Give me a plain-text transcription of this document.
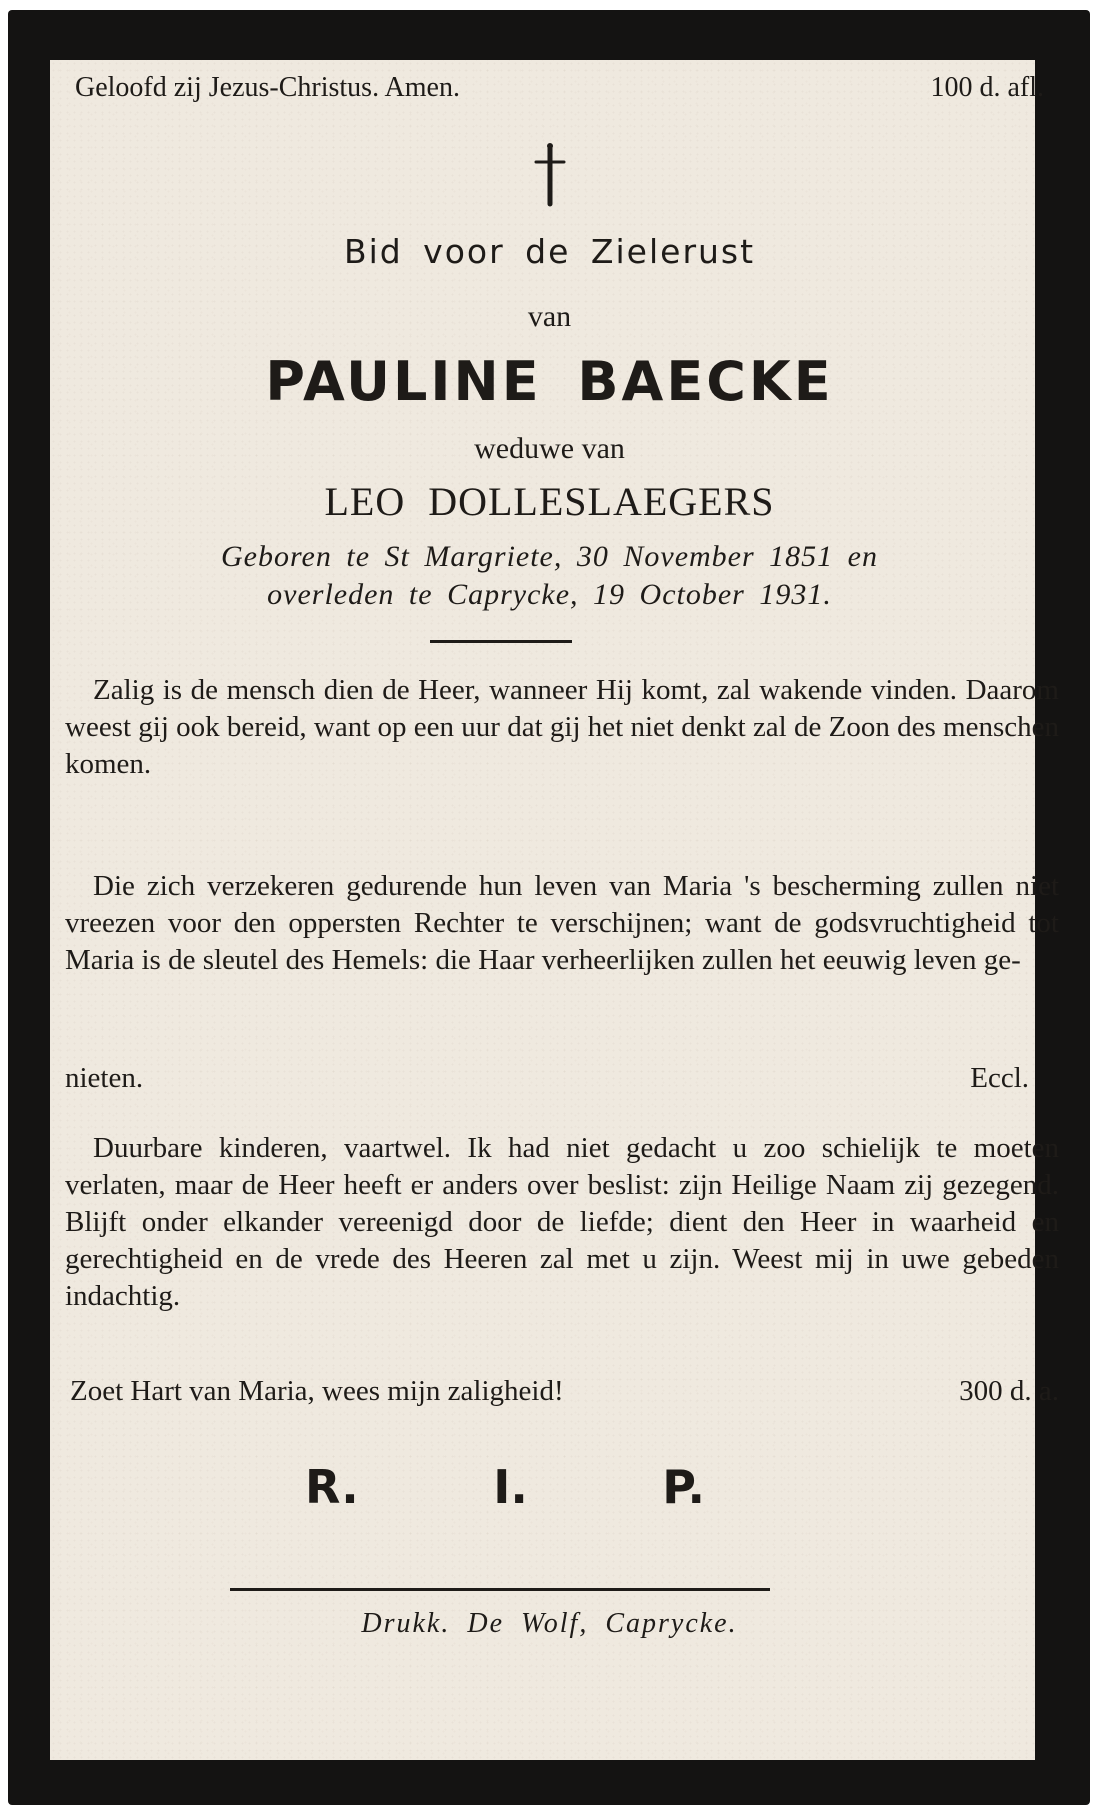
Geloofd zij Jezus-Christus. Amen.	100 d. afl.
Bid voor de Zielerust
van
PAULINE BAECKE
weduwe van
LEO DOLLESLAEGERS
Geboren te St Margriete, 30 November 1851 en
overleden te Caprycke, 19 October 1931.

Zalig is de mensch dien de Heer, wanneer Hij komt, zal wakende vinden. Daarom weest gij ook bereid, want op een uur dat gij het niet denkt zal de Zoon des menschen komen.

Die zich verzekeren gedurende hun leven van Maria 's bescherming zullen niet vreezen voor den oppersten Rechter te verschijnen; want de godsvruchtigheid tot Maria is de sleutel des Hemels: die Haar verheerlijken zullen het eeuwig leven ge-

nieten.	Eccl.

Duurbare kinderen, vaartwel. Ik had niet gedacht u zoo schielijk te moeten verlaten, maar de Heer heeft er anders over beslist: zijn Heilige Naam zij gezegend. Blijft onder elkander vereenigd door de liefde; dient den Heer in waarheid en gerechtigheid en de vrede des Heeren zal met u zijn. Weest mij in uwe gebeden indachtig.

Zoet Hart van Maria, wees mijn zaligheid!	300 d. a.
R.	I.	P.
Drukk. De Wolf, Caprycke.
